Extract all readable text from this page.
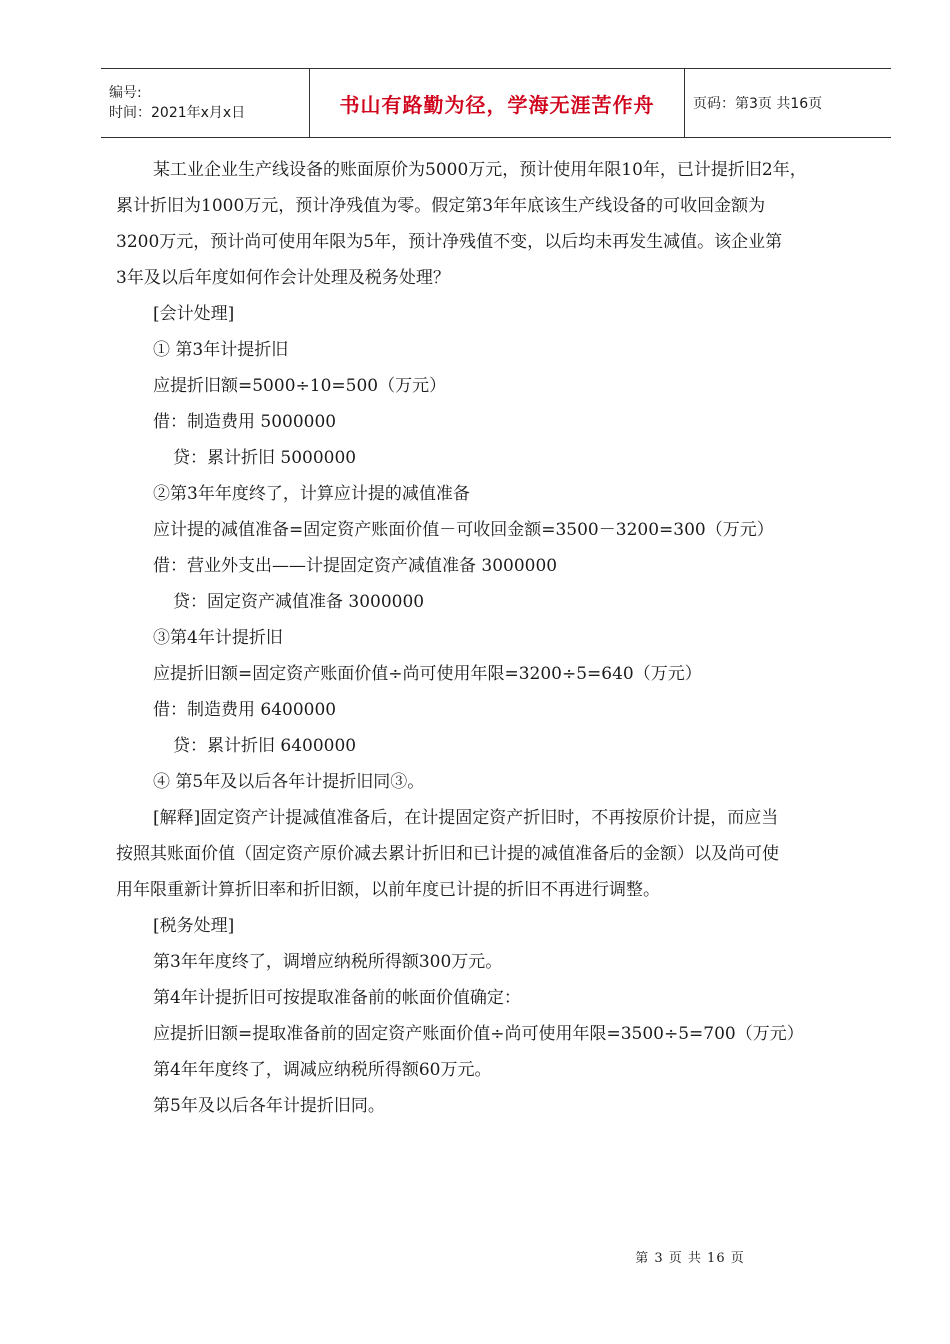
编号:
时间：2021年x月x日	书山有路勤为径，学海无涯苦作舟	页码：第3页 共16页

某工业企业生产线设备的账面原价为5000万元，预计使用年限10年，已计提折旧2年，

累计折旧为1000万元，预计净残值为零。假定第3年年底该生产线设备的可收回金额为

3200万元，预计尚可使用年限为5年，预计净残值不变，以后均未再发生减值。该企业第

3年及以后年度如何作会计处理及税务处理？

[会计处理]

① 第3年计提折旧

应提折旧额=5000÷10=500（万元）

借：制造费用 5000000

贷：累计折旧 5000000

②第3年年度终了，计算应计提的减值准备

应计提的减值准备=固定资产账面价值－可收回金额=3500－3200=300（万元）

借：营业外支出——计提固定资产减值准备 3000000

贷：固定资产减值准备 3000000

③第4年计提折旧

应提折旧额=固定资产账面价值÷尚可使用年限=3200÷5=640（万元）

借：制造费用 6400000

贷：累计折旧 6400000

④ 第5年及以后各年计提折旧同③。

[解释]固定资产计提减值准备后，在计提固定资产折旧时，不再按原价计提，而应当

按照其账面价值（固定资产原价减去累计折旧和已计提的减值准备后的金额）以及尚可使

用年限重新计算折旧率和折旧额，以前年度已计提的折旧不再进行调整。

[税务处理]

第3年年度终了，调增应纳税所得额300万元。

第4年计提折旧可按提取准备前的帐面价值确定：

应提折旧额=提取准备前的固定资产账面价值÷尚可使用年限=3500÷5=700（万元）

第4年年度终了，调减应纳税所得额60万元。

第5年及以后各年计提折旧同。

第 3 页 共 16 页
